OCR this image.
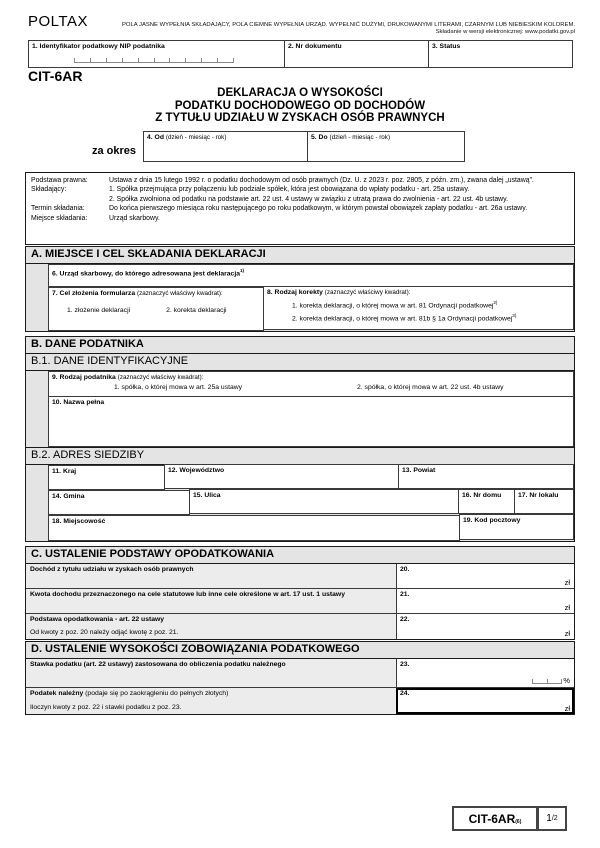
POLTAX	POLA JASNE WYPEŁNIA SKŁADAJĄCY, POLA CIEMNE WYPEŁNIA URZĄD. WYPEŁNIĆ DUŻYMI, DRUKOWANYMI LITERAMI, CZARNYM LUB NIEBIESKIM KOLOREM.
Składanie w wersji elektronicznej: www.podatki.gov.pl
1. Identyfikator podatkowy NIP podatnika	2. Nr dokumentu	3. Status
CIT-6AR
DEKLARACJA O WYSOKOŚCI
PODATKU DOCHODOWEGO OD DOCHODÓW
Z TYTUŁU UDZIAŁU W ZYSKACH OSÓB PRAWNYCH
za okres
4. Od (dzień - miesiąc - rok)	5. Do (dzień - miesiąc - rok)
Podstawa prawna:	Ustawa z dnia 15 lutego 1992 r. o podatku dochodowym od osób prawnych (Dz. U. z 2023 r. poz. 2805, z późn. zm.), zwana dalej „ustawą”.
Składający:	1. Spółka przejmująca przy połączeniu lub podziale spółek, która jest obowiązana do wpłaty podatku - art. 25a ustawy.
2. Spółka zwolniona od podatku na podstawie art. 22 ust. 4 ustawy w związku z utratą prawa do zwolnienia - art. 22 ust. 4b ustawy.
Termin składania:	Do końca pierwszego miesiąca roku następującego po roku podatkowym, w którym powstał obowiązek zapłaty podatku - art. 26a ustawy.
Miejsce składania:	Urząd skarbowy.
A. MIEJSCE I CEL SKŁADANIA DEKLARACJI
6. Urząd skarbowy, do którego adresowana jest deklaracja$^{1)}$
7. Cel złożenia formularza (zaznaczyć właściwy kwadrat):
1. złożenie deklaracji	2. korekta deklaracji
8. Rodzaj korekty (zaznaczyć właściwy kwadrat):
1. korekta deklaracji, o której mowa w art. 81 Ordynacji podatkowej$^{2)}$
2. korekta deklaracji, o której mowa w art. 81b § 1a Ordynacji podatkowej$^{3)}$
B. DANE PODATNIKA
B.1. DANE IDENTYFIKACYJNE
9. Rodzaj podatnika (zaznaczyć właściwy kwadrat):
1. spółka, o której mowa w art. 25a ustawy	2. spółka, o której mowa w art. 22 ust. 4b ustawy
10. Nazwa pełna
B.2. ADRES SIEDZIBY
11. Kraj	12. Województwo	13. Powiat
14. Gmina	15. Ulica	16. Nr domu	17. Nr lokalu
18. Miejscowość	19. Kod pocztowy
C. USTALENIE PODSTAWY OPODATKOWANIA
Dochód z tytułu udziału w zyskach osób prawnych	20.
zł
Kwota dochodu przeznaczonego na cele statutowe lub inne cele określone w art. 17 ust. 1 ustawy	21.
zł
Podstawa opodatkowania - art. 22 ustawy
Od kwoty z poz. 20 należy odjąć kwotę z poz. 21.
22.
zł
D. USTALENIE WYSOKOŚCI ZOBOWIĄZANIA PODATKOWEGO
Stawka podatku (art. 22 ustawy) zastosowana do obliczenia podatku należnego	23.
%
Podatek należny (podaje się po zaokrągleniu do pełnych złotych)
Iloczyn kwoty z poz. 22 i stawki podatku z poz. 23.
24.
zł
CIT-6AR (6) 1 /2
